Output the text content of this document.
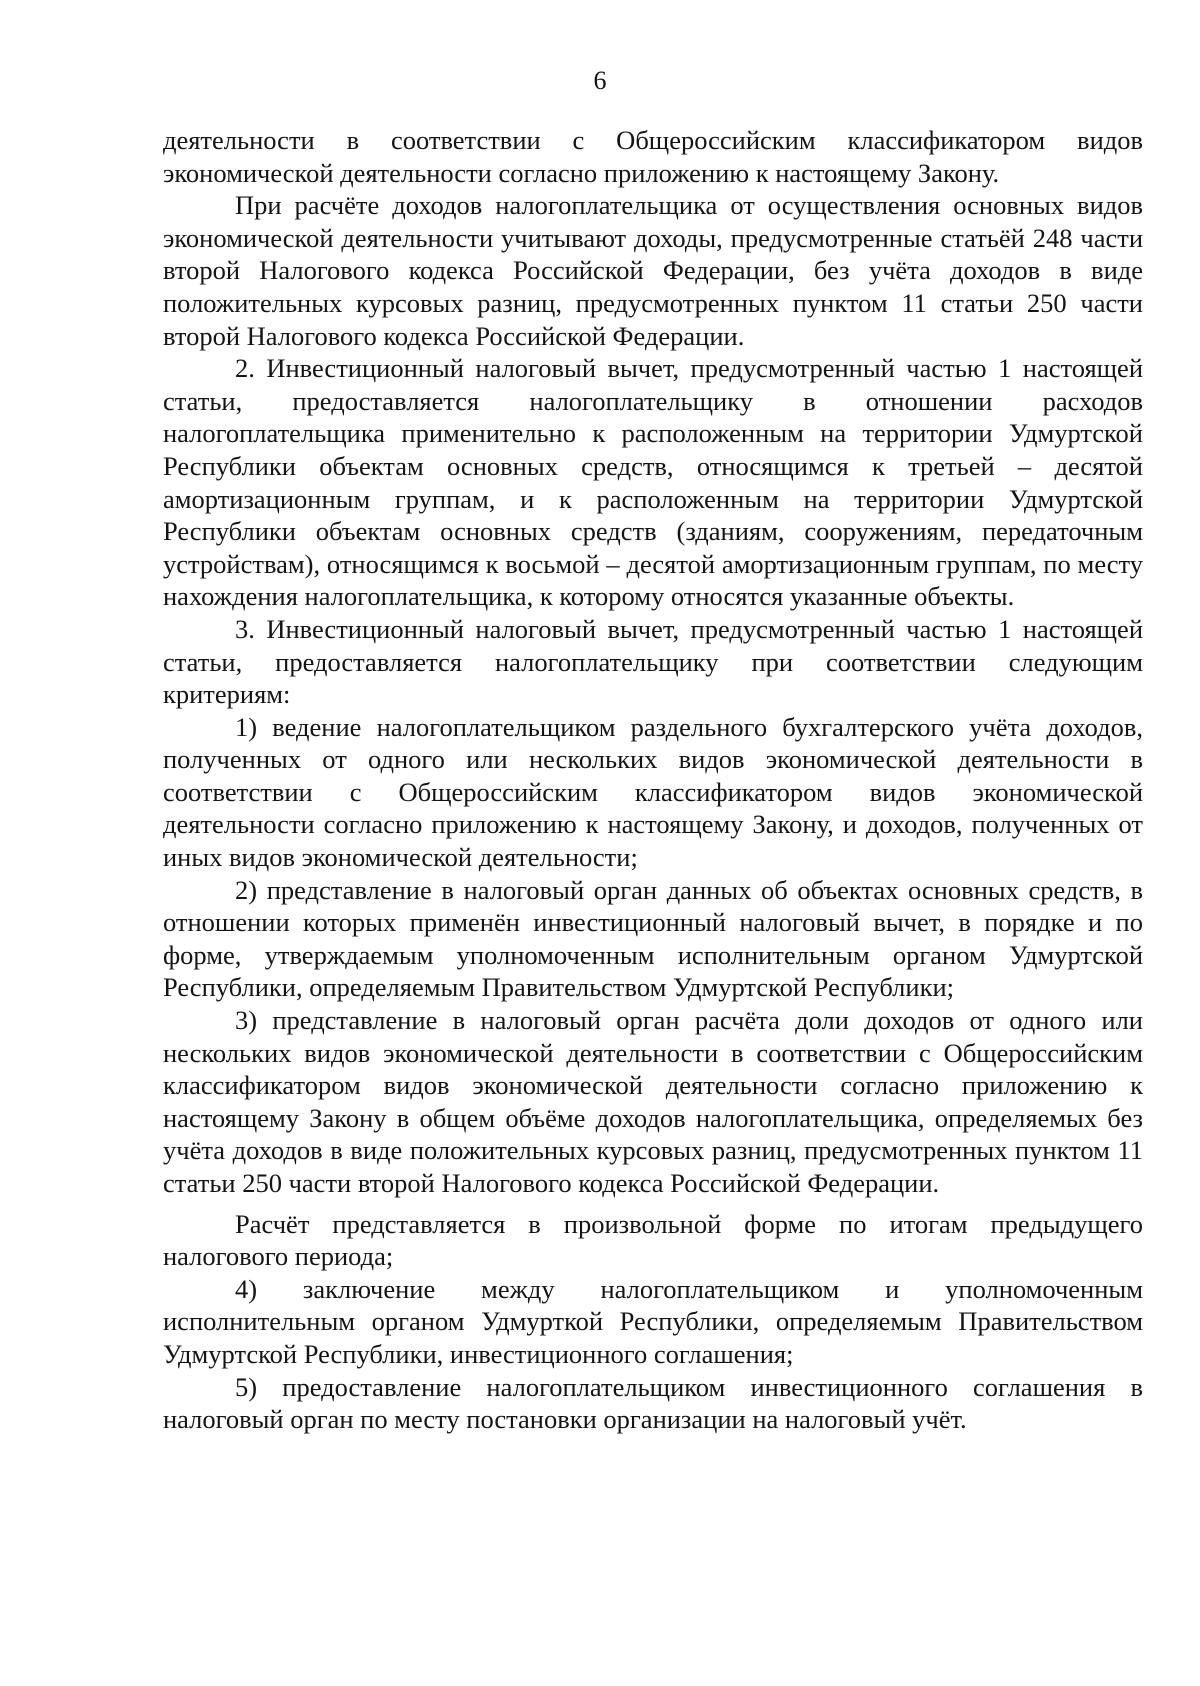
6

деятельности в соответствии с Общероссийским классификатором видов экономической деятельности согласно приложению к настоящему Закону.

При расчёте доходов налогоплательщика от осуществления основных видов экономической деятельности учитывают доходы, предусмотренные статьёй 248 части второй Налогового кодекса Российской Федерации, без учёта доходов в виде положительных курсовых разниц, предусмотренных пунктом 11 статьи 250 части второй Налогового кодекса Российской Федерации.

2. Инвестиционный налоговый вычет, предусмотренный частью 1 настоящей статьи, предоставляется налогоплательщику в отношении расходов налогоплательщика применительно к расположенным на территории Удмуртской Республики объектам основных средств, относящимся к третьей – десятой амортизационным группам, и к расположенным на территории Удмуртской Республики объектам основных средств (зданиям, сооружениям, передаточным устройствам), относящимся к восьмой – десятой амортизационным группам, по месту нахождения налогоплательщика, к которому относятся указанные объекты.

3. Инвестиционный налоговый вычет, предусмотренный частью 1 настоящей статьи, предоставляется налогоплательщику при соответствии следующим критериям:

1) ведение налогоплательщиком раздельного бухгалтерского учёта доходов, полученных от одного или нескольких видов экономической деятельности в соответствии с Общероссийским классификатором видов экономической деятельности согласно приложению к настоящему Закону, и доходов, полученных от иных видов экономической деятельности;

2) представление в налоговый орган данных об объектах основных средств, в отношении которых применён инвестиционный налоговый вычет, в порядке и по форме, утверждаемым уполномоченным исполнительным органом Удмуртской Республики, определяемым Правительством Удмуртской Республики;

3) представление в налоговый орган расчёта доли доходов от одного или нескольких видов экономической деятельности в соответствии с Общероссийским классификатором видов экономической деятельности согласно приложению к настоящему Закону в общем объёме доходов налогоплательщика, определяемых без учёта доходов в виде положительных курсовых разниц, предусмотренных пунктом 11 статьи 250 части второй Налогового кодекса Российской Федерации.

Расчёт представляется в произвольной форме по итогам предыдущего налогового периода;

4) заключение между налогоплательщиком и уполномоченным исполнительным органом Удмурткой Республики, определяемым Правительством Удмуртской Республики, инвестиционного соглашения;

5) предоставление налогоплательщиком инвестиционного соглашения в налоговый орган по месту постановки организации на налоговый учёт.
